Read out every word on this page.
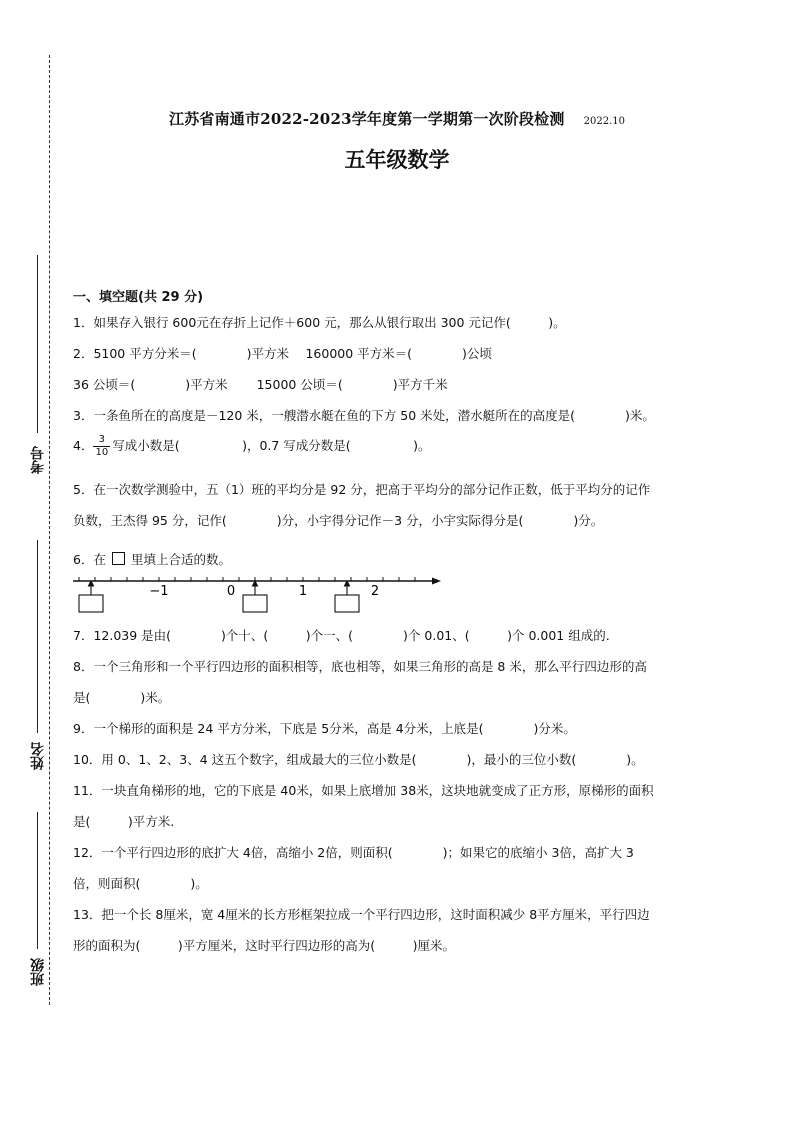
考号
姓名
班级
江苏省南通市2022-2023学年度第一学期第一次阶段检测 2022.10
五年级数学
一、填空题(共 29 分)
1．如果存入银行 600元在存折上记作＋600 元，那么从银行取出 300 元记作(　　　)。
2．5100 平方分米＝(　　　　)平方米　 160000 平方米＝(　　　　)公顷
36 公顷＝(　　　　)平方米　　 15000 公顷＝(　　　　)平方千米
3．一条鱼所在的高度是－120 米，一艘潜水艇在鱼的下方 50 米处，潜水艇所在的高度是(　　　　)米。
4． $\frac{3}{10}$ 写成小数是(　　　　　)，0.7 写成分数是(　　　　　)。
5．在一次数学测验中，五（1）班的平均分是 92 分，把高于平均分的部分记作正数，低于平均分的记作
负数，王杰得 95 分，记作(　　　　)分，小宇得分记作－3 分，小宇实际得分是(　　　　)分。
6．在 里填上合适的数。
7．12.039 是由(　　　　)个十、(　　　)个一、(　　　　)个 0.01、(　　　)个 0.001 组成的.
8．一个三角形和一个平行四边形的面积相等，底也相等，如果三角形的高是 8 米，那么平行四边形的高
是(　　　　)米。
9．一个梯形的面积是 24 平方分米，下底是 5分米，高是 4分米，上底是(　　　　)分米。
10．用 0、1、2、3、4 这五个数字，组成最大的三位小数是(　　　　)，最小的三位小数(　　　　)。
11．一块直角梯形的地，它的下底是 40米，如果上底增加 38米，这块地就变成了正方形，原梯形的面积
是(　　　)平方米.
12．一个平行四边形的底扩大 4倍，高缩小 2倍，则面积(　　　　)；如果它的底缩小 3倍，高扩大 3
倍，则面积(　　　　)。
13．把一个长 8厘米，宽 4厘米的长方形框架拉成一个平行四边形，这时面积减少 8平方厘米，平行四边
形的面积为(　　　)平方厘米，这时平行四边形的高为(　　　)厘米。
−1	0	1	2
